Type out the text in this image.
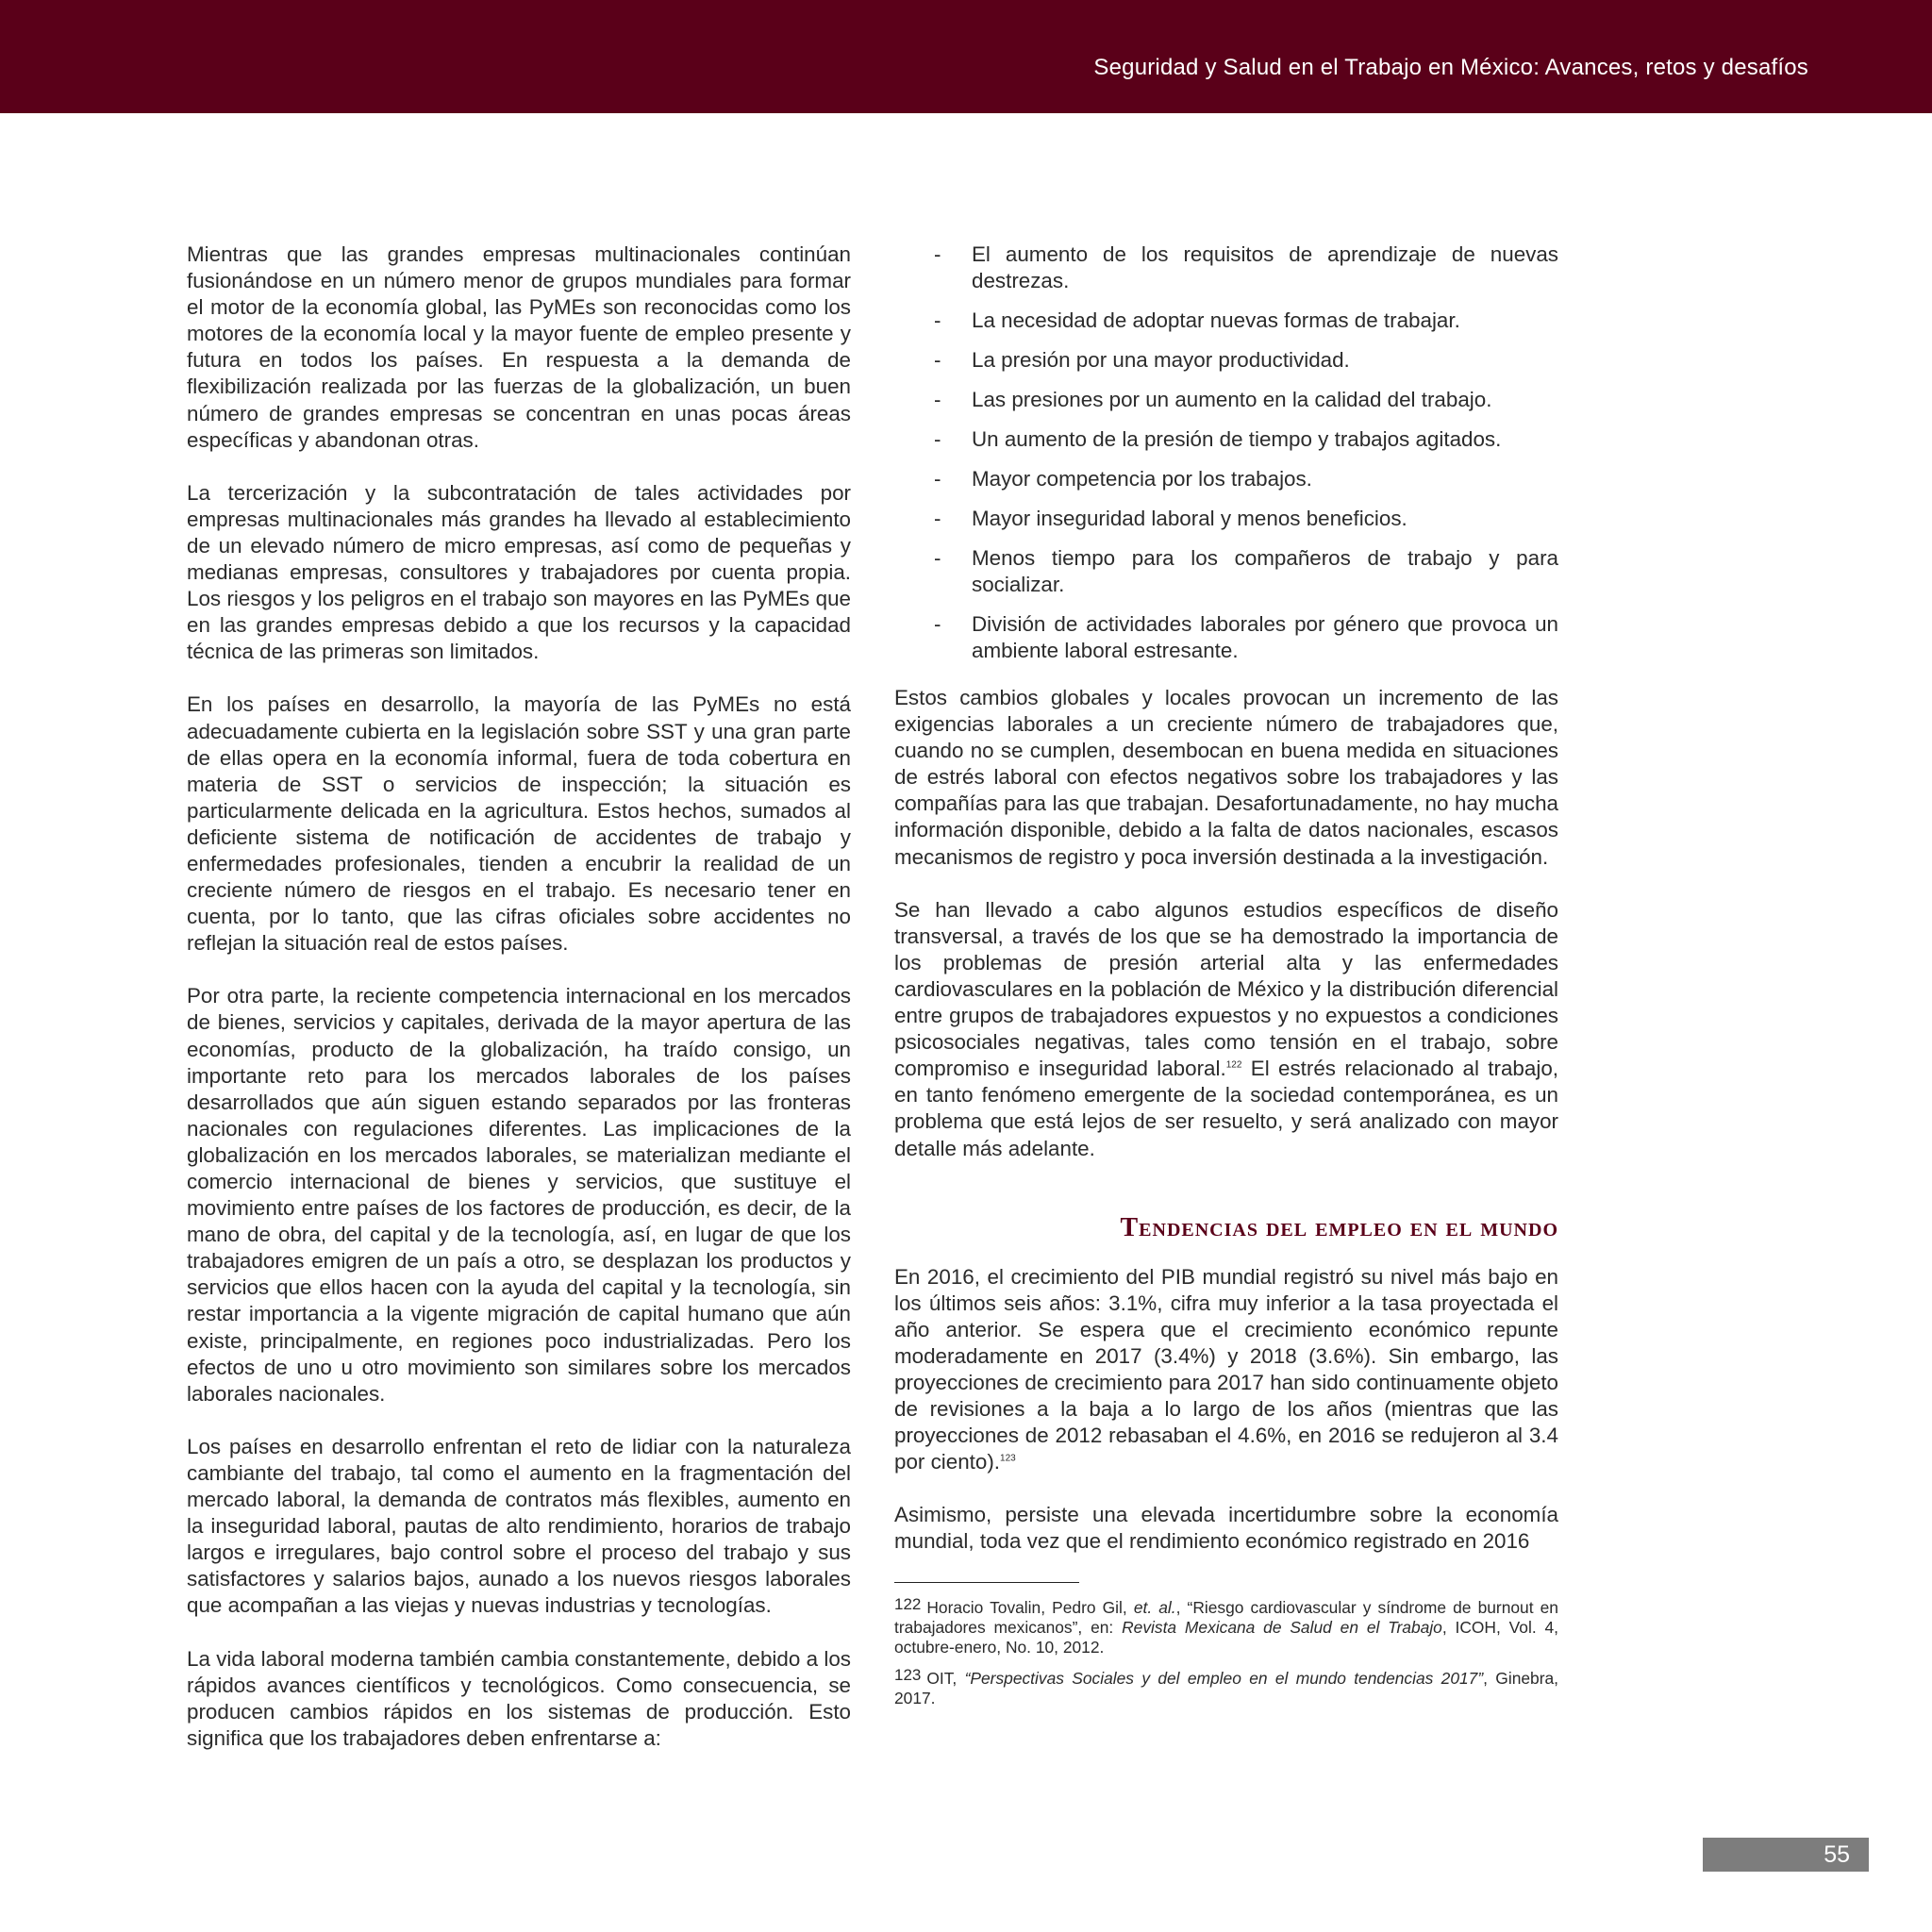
Seguridad y Salud en el Trabajo en México: Avances, retos y desafíos

Mientras que las grandes empresas multinacionales continúan fusionándose en un número menor de grupos mundiales para formar el motor de la economía global, las PyMEs son reconocidas como los motores de la economía local y la mayor fuente de empleo presente y futura en todos los países. En respuesta a la demanda de flexibilización realizada por las fuerzas de la globalización, un buen número de grandes empresas se concentran en unas pocas áreas específicas y abandonan otras.

La tercerización y la subcontratación de tales actividades por empresas multinacionales más grandes ha llevado al establecimiento de un elevado número de micro empresas, así como de pequeñas y medianas empresas, consultores y trabajadores por cuenta propia. Los riesgos y los peligros en el trabajo son mayores en las PyMEs que en las grandes empresas debido a que los recursos y la capacidad técnica de las primeras son limitados.

En los países en desarrollo, la mayoría de las PyMEs no está adecuadamente cubierta en la legislación sobre SST y una gran parte de ellas opera en la economía informal, fuera de toda cobertura en materia de SST o servicios de inspección; la situación es particularmente delicada en la agricultura. Estos hechos, sumados al deficiente sistema de notificación de accidentes de trabajo y enfermedades profesionales, tienden a encubrir la realidad de un creciente número de riesgos en el trabajo. Es necesario tener en cuenta, por lo tanto, que las cifras oficiales sobre accidentes no reflejan la situación real de estos países.

Por otra parte, la reciente competencia internacional en los mercados de bienes, servicios y capitales, derivada de la mayor apertura de las economías, producto de la globalización, ha traído consigo, un importante reto para los mercados laborales de los países desarrollados que aún siguen estando separados por las fronteras nacionales con regulaciones diferentes. Las implicaciones de la globalización en los mercados laborales, se materializan mediante el comercio internacional de bienes y servicios, que sustituye el movimiento entre países de los factores de producción, es decir, de la mano de obra, del capital y de la tecnología, así, en lugar de que los trabajadores emigren de un país a otro, se desplazan los productos y servicios que ellos hacen con la ayuda del capital y la tecnología, sin restar importancia a la vigente migración de capital humano que aún existe, principalmente, en regiones poco industrializadas. Pero los efectos de uno u otro movimiento son similares sobre los mercados laborales nacionales.

Los países en desarrollo enfrentan el reto de lidiar con la naturaleza cambiante del trabajo, tal como el aumento en la fragmentación del mercado laboral, la demanda de contratos más flexibles, aumento en la inseguridad laboral, pautas de alto rendimiento, horarios de trabajo largos e irregulares, bajo control sobre el proceso del trabajo y sus satisfactores y salarios bajos, aunado a los nuevos riesgos laborales que acompañan a las viejas y nuevas industrias y tecnologías.

La vida laboral moderna también cambia constantemente, debido a los rápidos avances científicos y tecnológicos. Como consecuencia, se producen cambios rápidos en los sistemas de producción. Esto significa que los trabajadores deben enfrentarse a:

- El aumento de los requisitos de aprendizaje de nuevas destrezas.
- La necesidad de adoptar nuevas formas de trabajar.
- La presión por una mayor productividad.
- Las presiones por un aumento en la calidad del trabajo.
- Un aumento de la presión de tiempo y trabajos agitados.
- Mayor competencia por los trabajos.
- Mayor inseguridad laboral y menos beneficios.
- Menos tiempo para los compañeros de trabajo y para socializar.
- División de actividades laborales por género que provoca un ambiente laboral estresante.

Estos cambios globales y locales provocan un incremento de las exigencias laborales a un creciente número de trabajadores que, cuando no se cumplen, desembocan en buena medida en situaciones de estrés laboral con efectos negativos sobre los trabajadores y las compañías para las que trabajan. Desafortunadamente, no hay mucha información disponible, debido a la falta de datos nacionales, escasos mecanismos de registro y poca inversión destinada a la investigación.

Se han llevado a cabo algunos estudios específicos de diseño transversal, a través de los que se ha demostrado la importancia de los problemas de presión arterial alta y las enfermedades cardiovasculares en la población de México y la distribución diferencial entre grupos de trabajadores expuestos y no expuestos a condiciones psicosociales negativas, tales como tensión en el trabajo, sobre compromiso e inseguridad laboral.$^{122}$ El estrés relacionado al trabajo, en tanto fenómeno emergente de la sociedad contemporánea, es un problema que está lejos de ser resuelto, y será analizado con mayor detalle más adelante.

Tendencias del empleo en el mundo

En 2016, el crecimiento del PIB mundial registró su nivel más bajo en los últimos seis años: 3.1%, cifra muy inferior a la tasa proyectada el año anterior. Se espera que el crecimiento económico repunte moderadamente en 2017 (3.4%) y 2018 (3.6%). Sin embargo, las proyecciones de crecimiento para 2017 han sido continuamente objeto de revisiones a la baja a lo largo de los años (mientras que las proyecciones de 2012 rebasaban el 4.6%, en 2016 se redujeron al 3.4 por ciento).$^{123}$

Asimismo, persiste una elevada incertidumbre sobre la economía mundial, toda vez que el rendimiento económico registrado en 2016

122 Horacio Tovalin, Pedro Gil, et. al., “Riesgo cardiovascular y síndrome de burnout en trabajadores mexicanos”, en: Revista Mexicana de Salud en el Trabajo, ICOH, Vol. 4, octubre-enero, No. 10, 2012.

123 OIT, “Perspectivas Sociales y del empleo en el mundo tendencias 2017”, Ginebra, 2017.

55
